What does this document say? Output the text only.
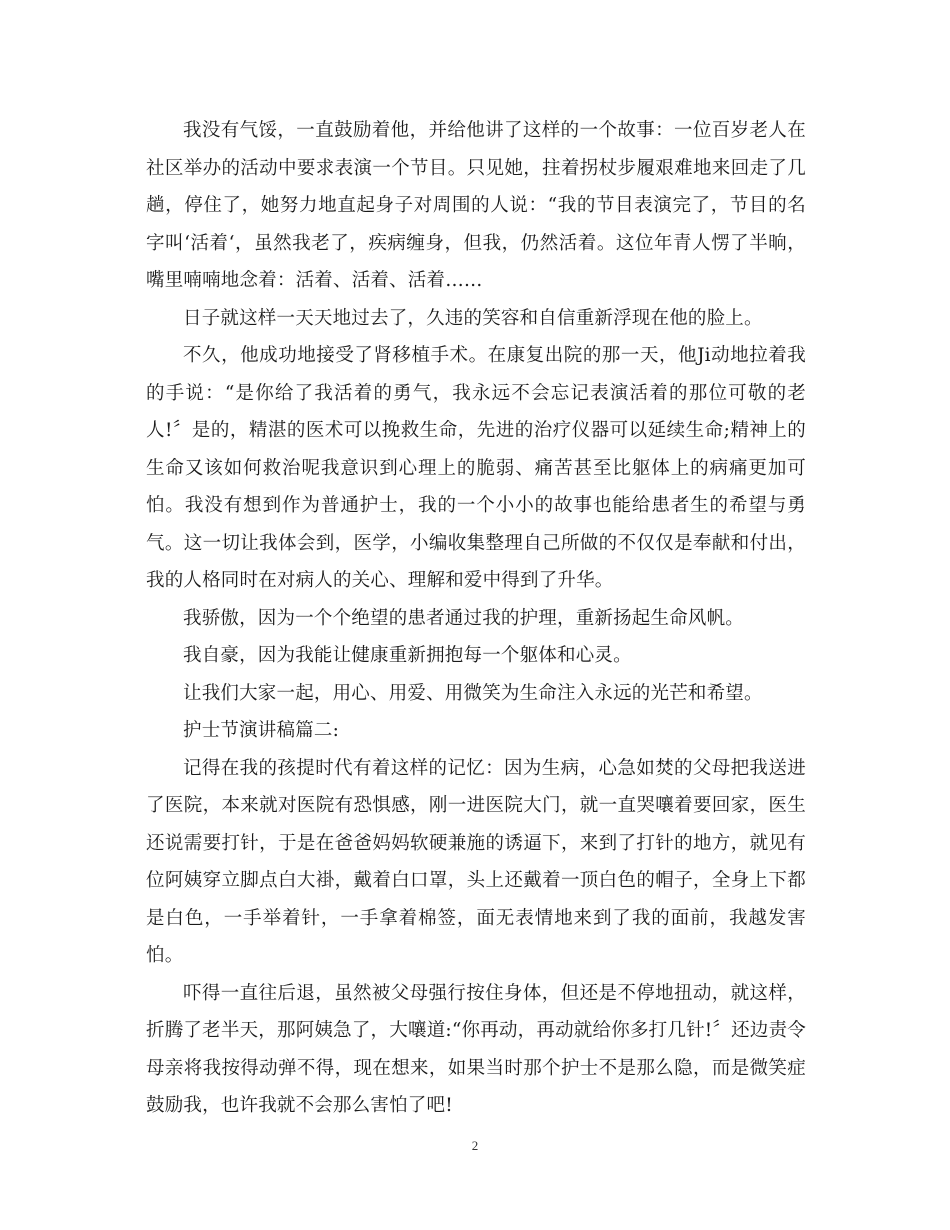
我没有气馁，一直鼓励着他，并给他讲了这样的一个故事：一位百岁老人在社区举办的活动中要求表演一个节目。只见她，拄着拐杖步履艰难地来回走了几趟，停住了，她努力地直起身子对周围的人说：“我的节目表演完了，节目的名字叫‘活着‘，虽然我老了，疾病缠身，但我，仍然活着。这位年青人愣了半晌，嘴里喃喃地念着：活着、活着、活着……

日子就这样一天天地过去了，久违的笑容和自信重新浮现在他的脸上。

不久，他成功地接受了肾移植手术。在康复出院的那一天，他Ji动地拉着我的手说：“是你给了我活着的勇气，我永远不会忘记表演活着的那位可敬的老人!〞是的，精湛的医术可以挽救生命，先进的治疗仪器可以延续生命;精神上的生命又该如何救治呢我意识到心理上的脆弱、痛苦甚至比躯体上的病痛更加可怕。我没有想到作为普通护士，我的一个小小的故事也能给患者生的希望与勇气。这一切让我体会到，医学，小编收集整理自己所做的不仅仅是奉献和付出，我的人格同时在对病人的关心、理解和爱中得到了升华。

我骄傲，因为一个个绝望的患者通过我的护理，重新扬起生命风帆。

我自豪，因为我能让健康重新拥抱每一个躯体和心灵。

让我们大家一起，用心、用爱、用微笑为生命注入永远的光芒和希望。

护士节演讲稿篇二:

记得在我的孩提时代有着这样的记忆：因为生病，心急如焚的父母把我送进了医院，本来就对医院有恐惧感，刚一进医院大门，就一直哭嚷着要回家，医生还说需要打针，于是在爸爸妈妈软硬兼施的诱逼下，来到了打针的地方，就见有位阿姨穿立脚点白大褂，戴着白口罩，头上还戴着一顶白色的帽子，全身上下都是白色，一手举着针，一手拿着棉签，面无表情地来到了我的面前，我越发害怕。

吓得一直往后退，虽然被父母强行按住身体，但还是不停地扭动，就这样，折腾了老半天，那阿姨急了，大嚷道:“你再动，再动就给你多打几针!〞还边责令母亲将我按得动弹不得，现在想来，如果当时那个护士不是那么隐，而是微笑症鼓励我，也许我就不会那么害怕了吧!

2
